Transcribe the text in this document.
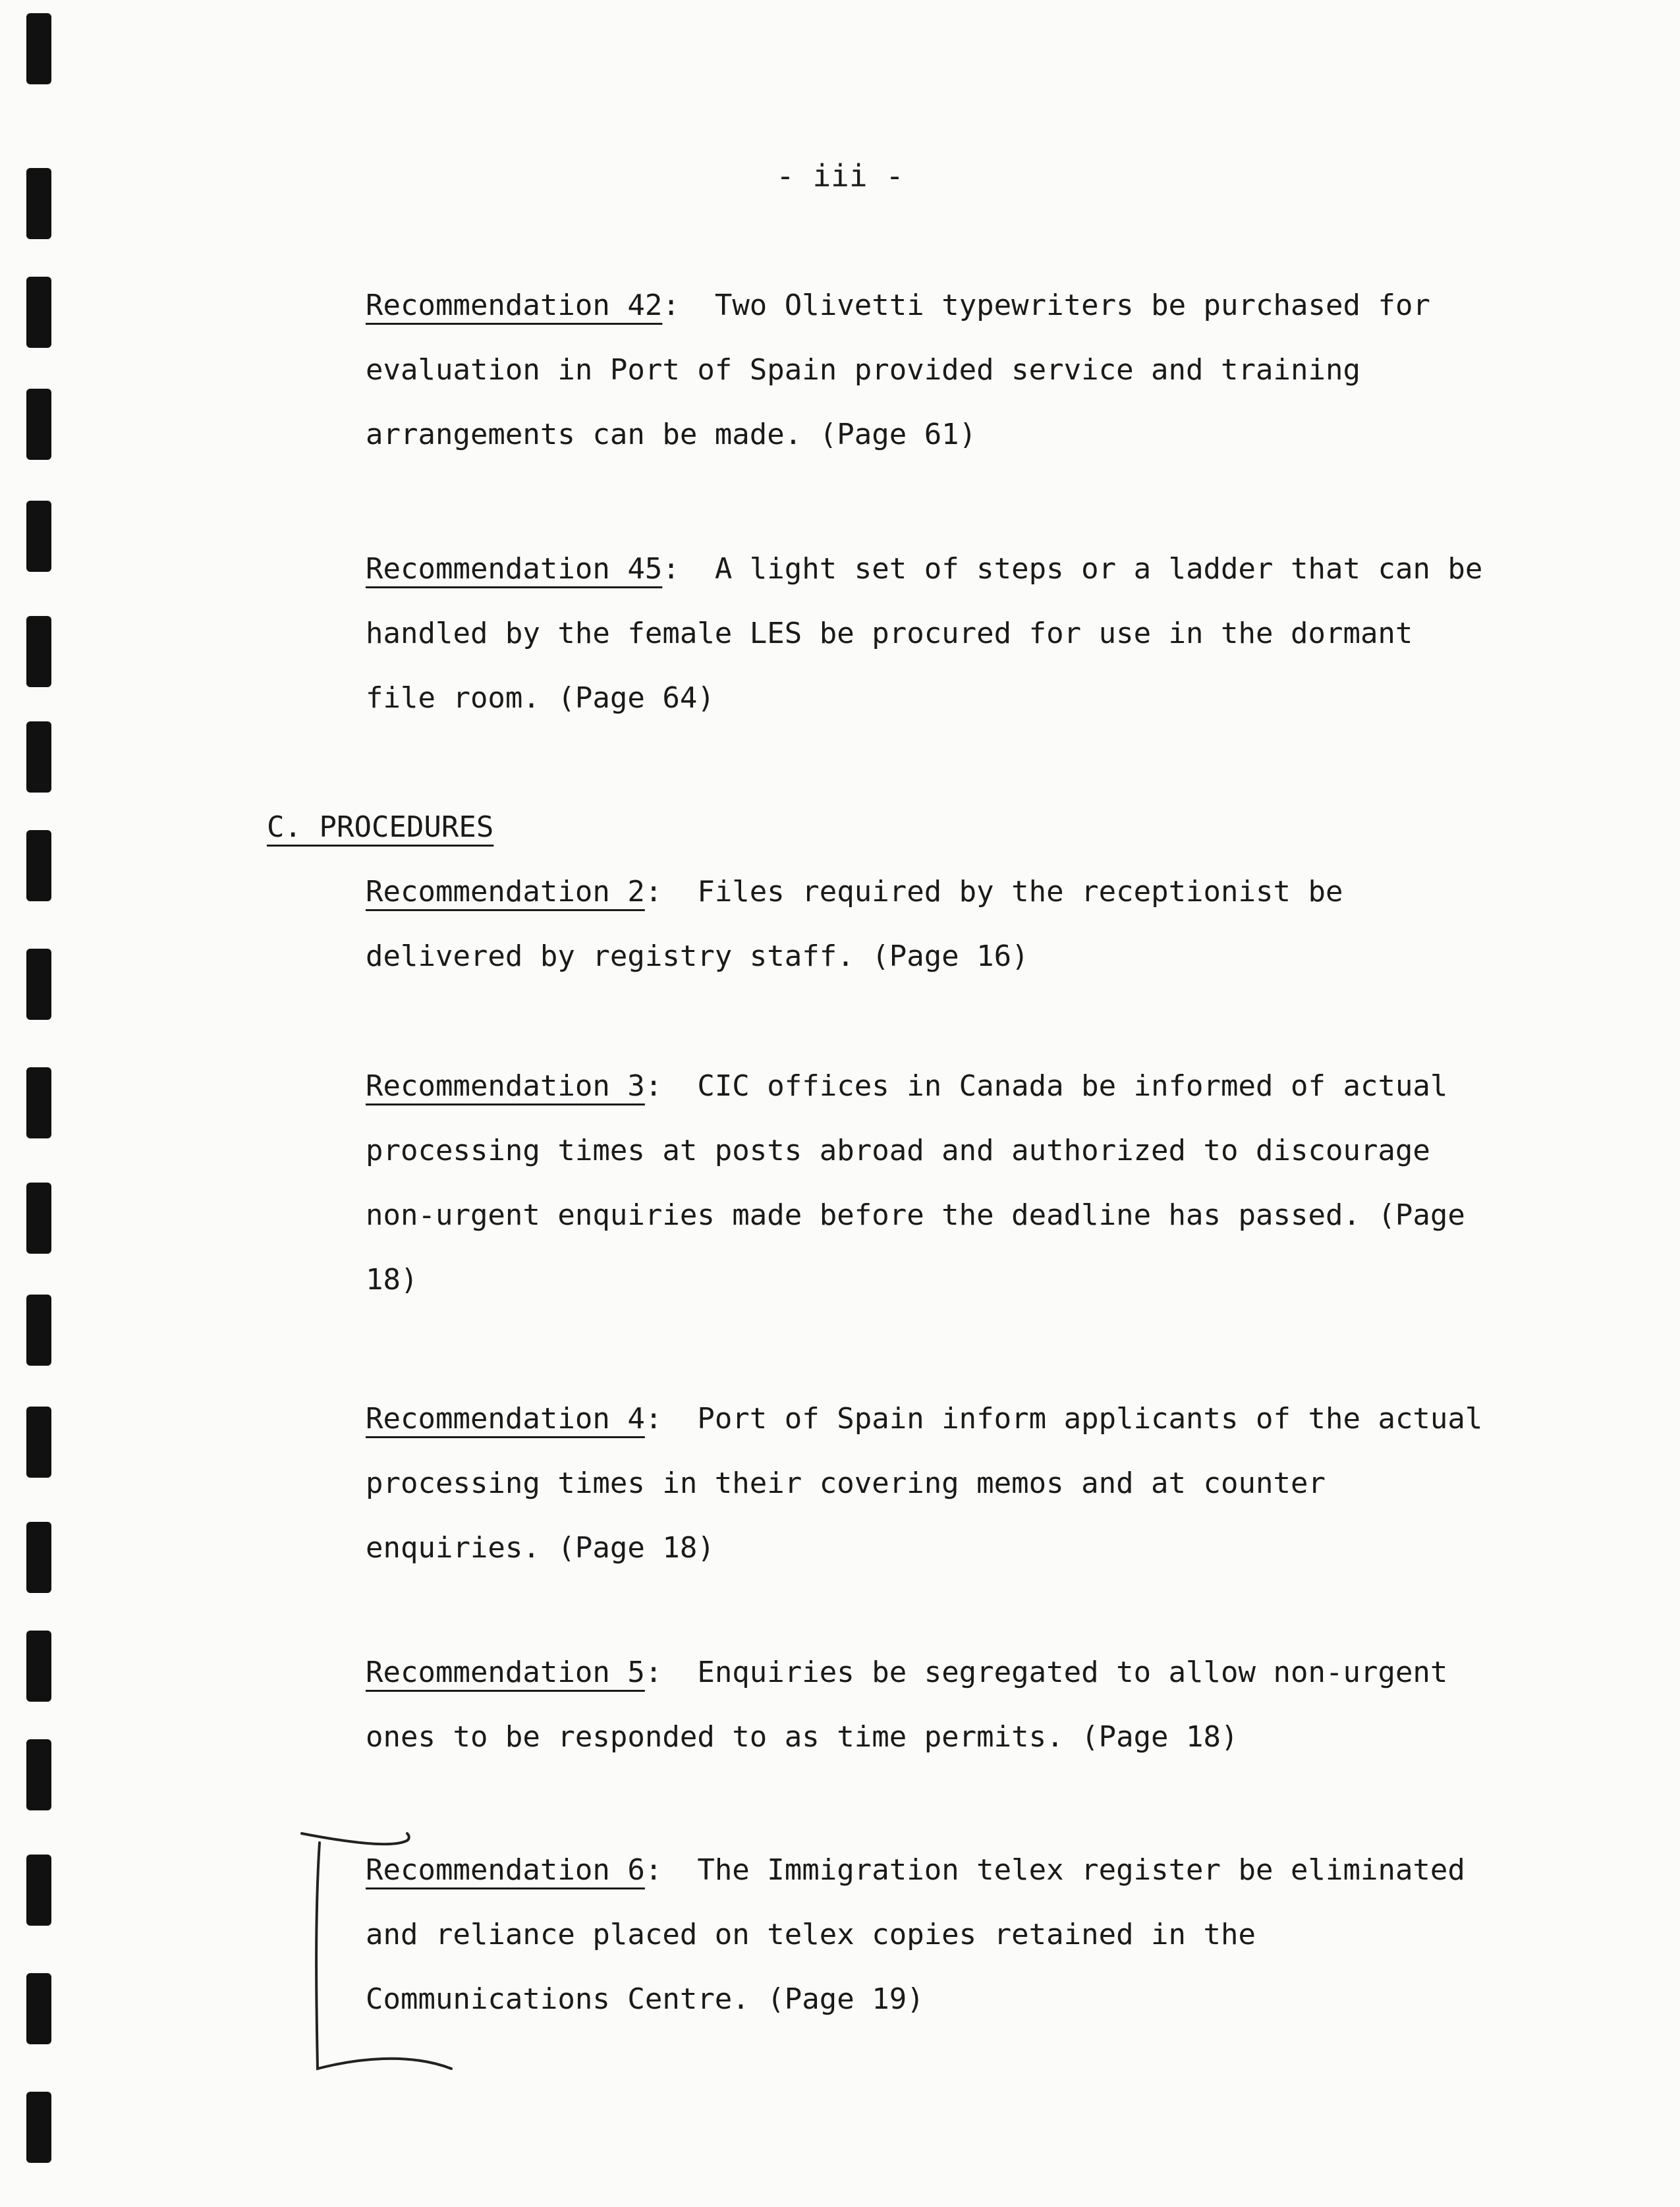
- iii -

Recommendation 42:  Two Olivetti typewriters be purchased for evaluation in Port of Spain provided service and training arrangements can be made. (Page 61)

Recommendation 45:  A light set of steps or a ladder that can be handled by the female LES be procured for use in the dormant file room. (Page 64)

C. PROCEDURES

Recommendation 2:  Files required by the receptionist be delivered by registry staff. (Page 16)

Recommendation 3:  CIC offices in Canada be informed of actual processing times at posts abroad and authorized to discourage non-urgent enquiries made before the deadline has passed. (Page 18)

Recommendation 4:  Port of Spain inform applicants of the actual processing times in their covering memos and at counter enquiries. (Page 18)

Recommendation 5:  Enquiries be segregated to allow non-urgent ones to be responded to as time permits. (Page 18)

Recommendation 6:  The Immigration telex register be eliminated and reliance placed on telex copies retained in the Communications Centre. (Page 19)
